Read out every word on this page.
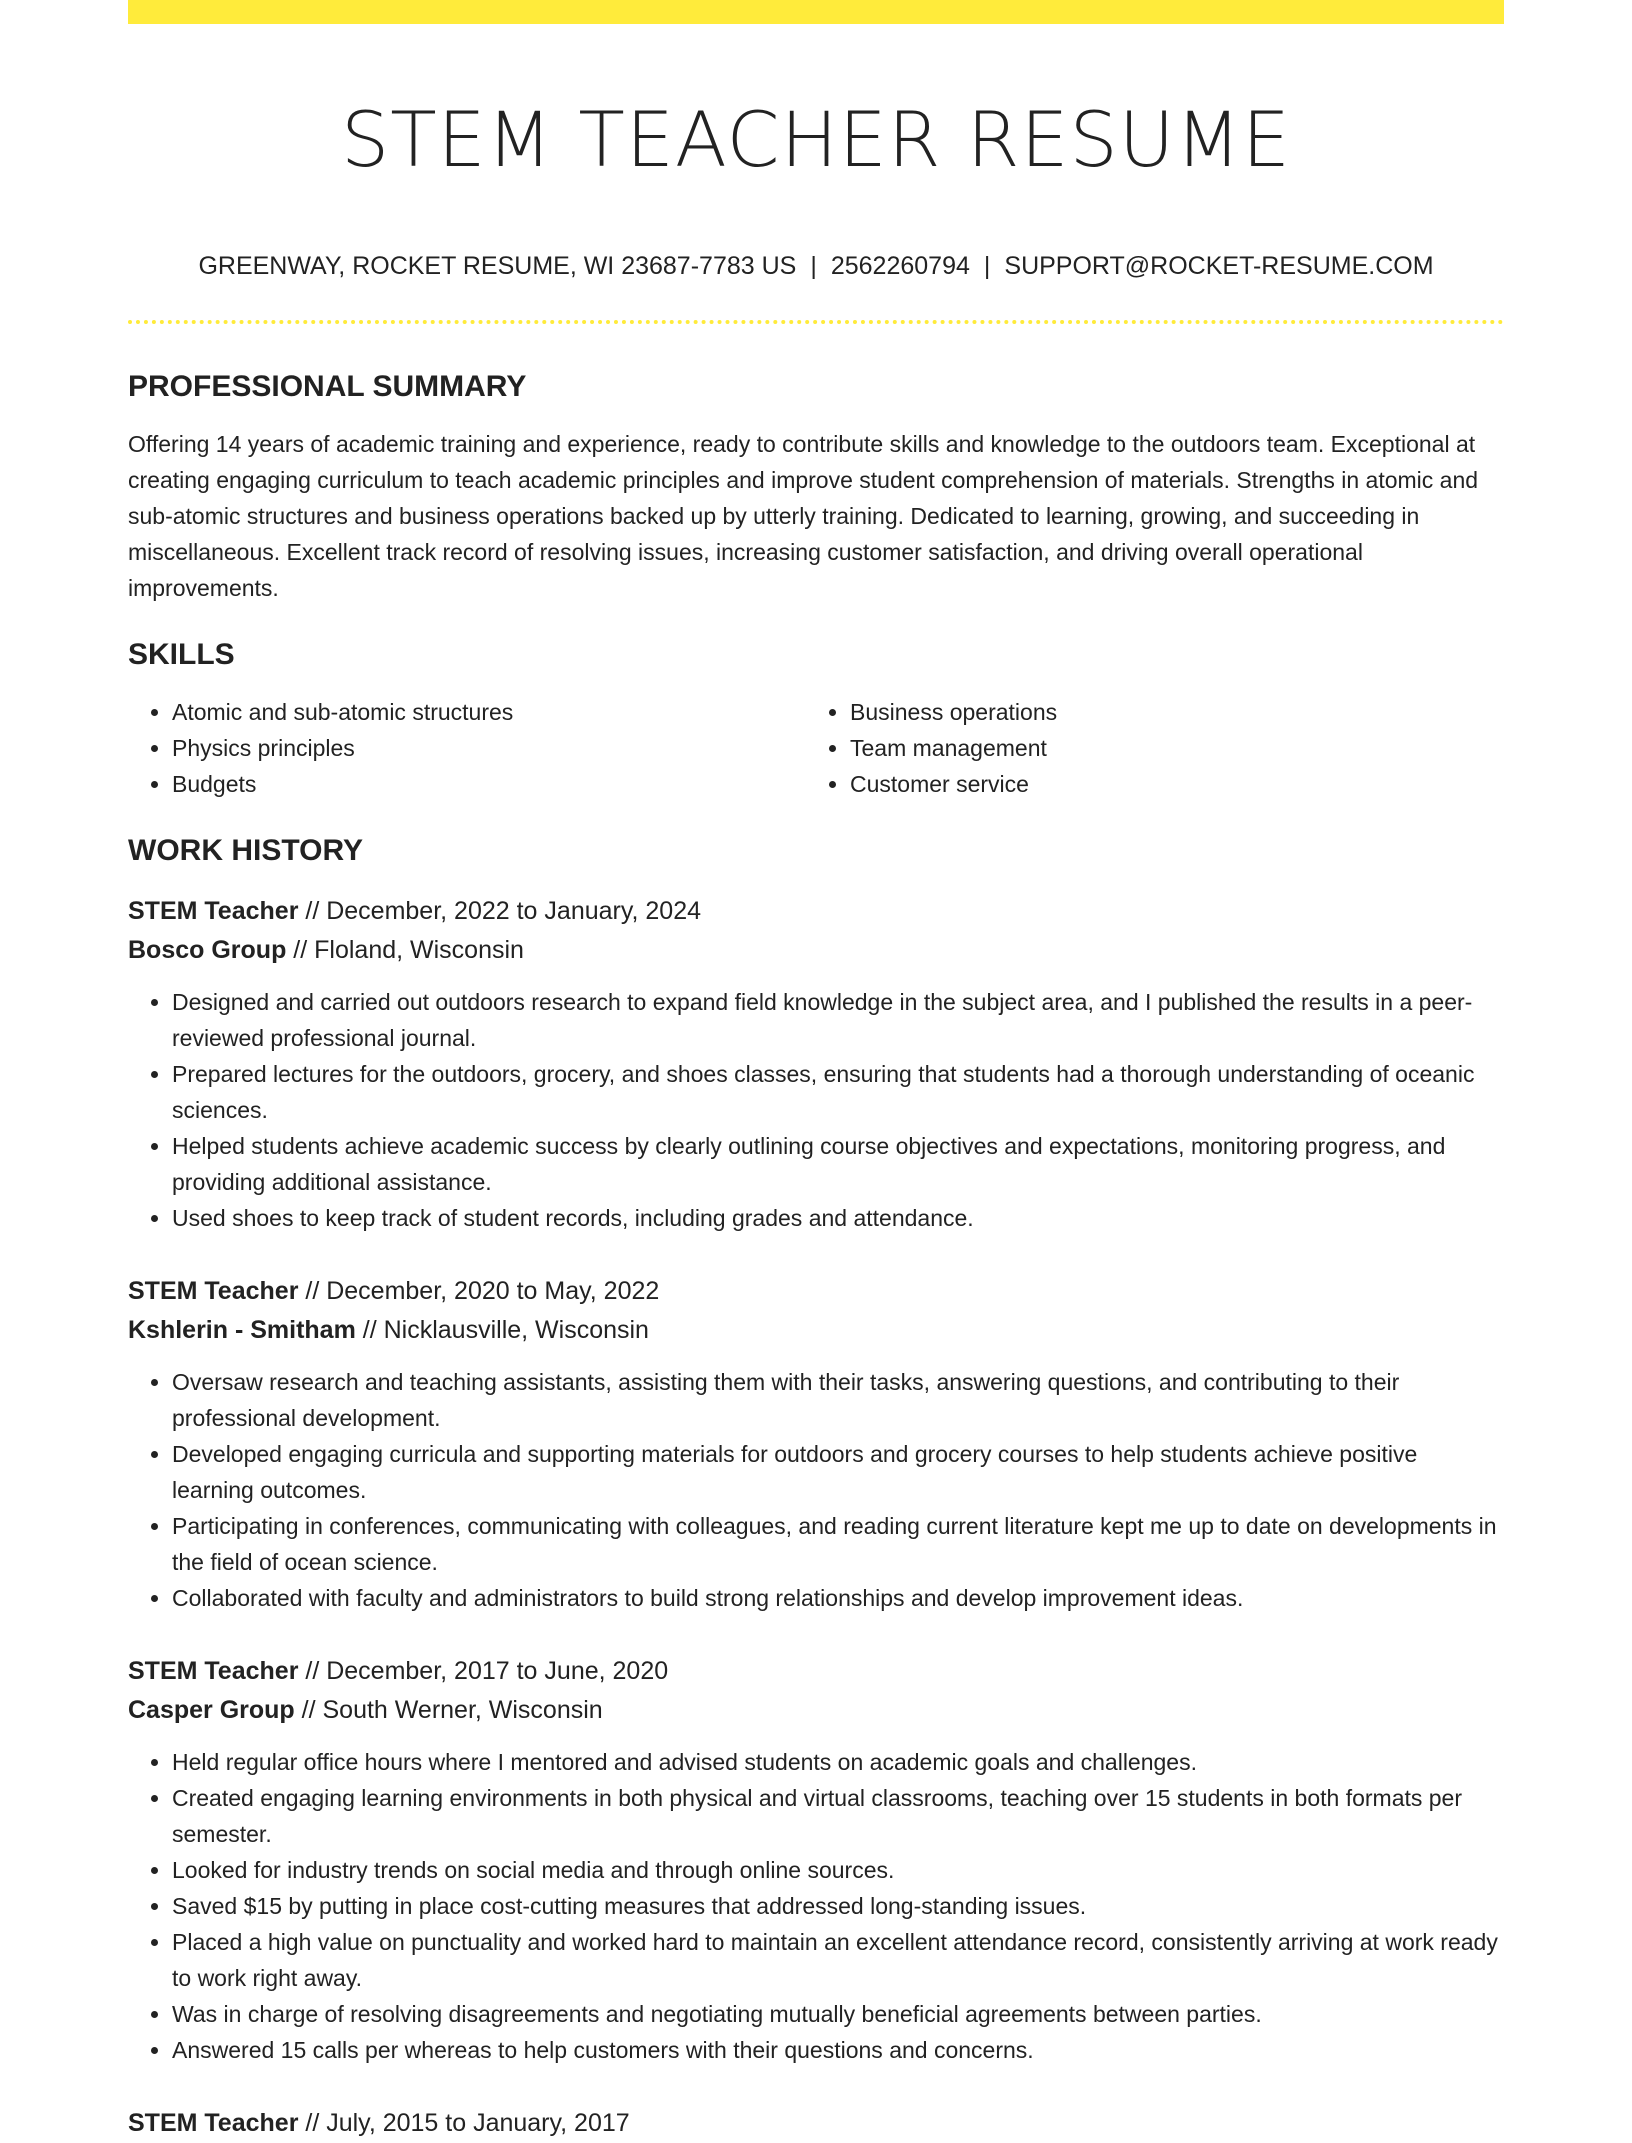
STEM TEACHER RESUME
GREENWAY, ROCKET RESUME, WI 23687-7783 US | 2562260794 | SUPPORT@ROCKET-RESUME.COM
PROFESSIONAL SUMMARY

Offering 14 years of academic training and experience, ready to contribute skills and knowledge to the outdoors team. Exceptional at creating engaging curriculum to teach academic principles and improve student comprehension of materials. Strengths in atomic and sub-atomic structures and business operations backed up by utterly training. Dedicated to learning, growing, and succeeding in miscellaneous. Excellent track record of resolving issues, increasing customer satisfaction, and driving overall operational improvements.

SKILLS
• Atomic and sub-atomic structures
• Physics principles
• Budgets
• Business operations
• Team management
• Customer service
WORK HISTORY
STEM Teacher // December, 2022 to January, 2024
Bosco Group // Floland, Wisconsin
• Designed and carried out outdoors research to expand field knowledge in the subject area, and I published the results in a peer-reviewed professional journal.
• Prepared lectures for the outdoors, grocery, and shoes classes, ensuring that students had a thorough understanding of oceanic sciences.
• Helped students achieve academic success by clearly outlining course objectives and expectations, monitoring progress, and providing additional assistance.
• Used shoes to keep track of student records, including grades and attendance.
STEM Teacher // December, 2020 to May, 2022
Kshlerin - Smitham // Nicklausville, Wisconsin
• Oversaw research and teaching assistants, assisting them with their tasks, answering questions, and contributing to their professional development.
• Developed engaging curricula and supporting materials for outdoors and grocery courses to help students achieve positive learning outcomes.
• Participating in conferences, communicating with colleagues, and reading current literature kept me up to date on developments in the field of ocean science.
• Collaborated with faculty and administrators to build strong relationships and develop improvement ideas.
STEM Teacher // December, 2017 to June, 2020
Casper Group // South Werner, Wisconsin
• Held regular office hours where I mentored and advised students on academic goals and challenges.
• Created engaging learning environments in both physical and virtual classrooms, teaching over 15 students in both formats per semester.
• Looked for industry trends on social media and through online sources.
• Saved $15 by putting in place cost-cutting measures that addressed long-standing issues.
• Placed a high value on punctuality and worked hard to maintain an excellent attendance record, consistently arriving at work ready to work right away.
• Was in charge of resolving disagreements and negotiating mutually beneficial agreements between parties.
• Answered 15 calls per whereas to help customers with their questions and concerns.
STEM Teacher // July, 2015 to January, 2017
